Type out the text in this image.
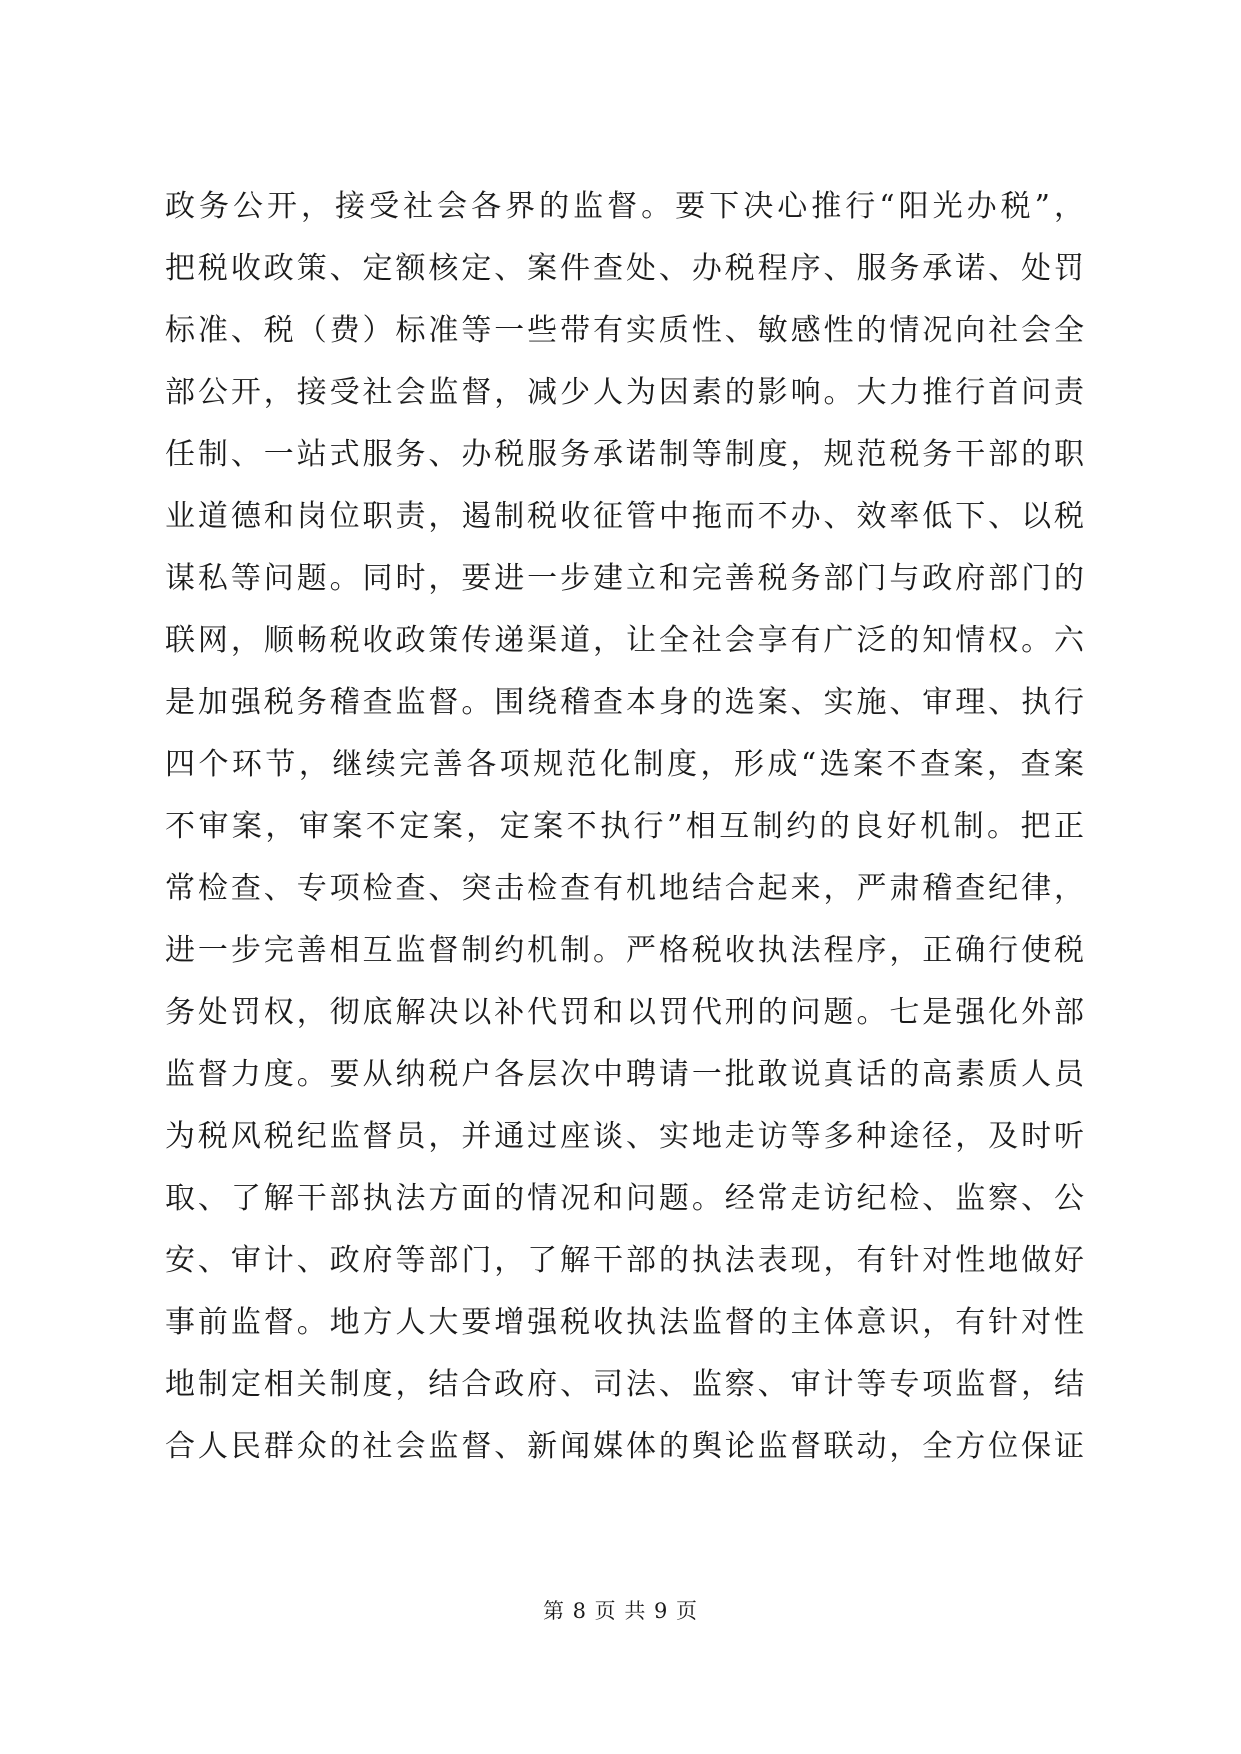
政务公开，接受社会各界的监督。要下决心推行“阳光办税”，
把税收政策、定额核定、案件查处、办税程序、服务承诺、处罚
标准、税（费）标准等一些带有实质性、敏感性的情况向社会全
部公开，接受社会监督，减少人为因素的影响。大力推行首问责
任制、一站式服务、办税服务承诺制等制度，规范税务干部的职
业道德和岗位职责，遏制税收征管中拖而不办、效率低下、以税
谋私等问题。同时，要进一步建立和完善税务部门与政府部门的
联网，顺畅税收政策传递渠道，让全社会享有广泛的知情权。六
是加强税务稽查监督。围绕稽查本身的选案、实施、审理、执行
四个环节，继续完善各项规范化制度，形成“选案不查案，查案
不审案，审案不定案，定案不执行”相互制约的良好机制。把正
常检查、专项检查、突击检查有机地结合起来，严肃稽查纪律，
进一步完善相互监督制约机制。严格税收执法程序，正确行使税
务处罚权，彻底解决以补代罚和以罚代刑的问题。七是强化外部
监督力度。要从纳税户各层次中聘请一批敢说真话的高素质人员
为税风税纪监督员，并通过座谈、实地走访等多种途径，及时听
取、了解干部执法方面的情况和问题。经常走访纪检、监察、公
安、审计、政府等部门，了解干部的执法表现，有针对性地做好
事前监督。地方人大要增强税收执法监督的主体意识，有针对性
地制定相关制度，结合政府、司法、监察、审计等专项监督，结
合人民群众的社会监督、新闻媒体的舆论监督联动，全方位保证
第 8 页 共 9 页
